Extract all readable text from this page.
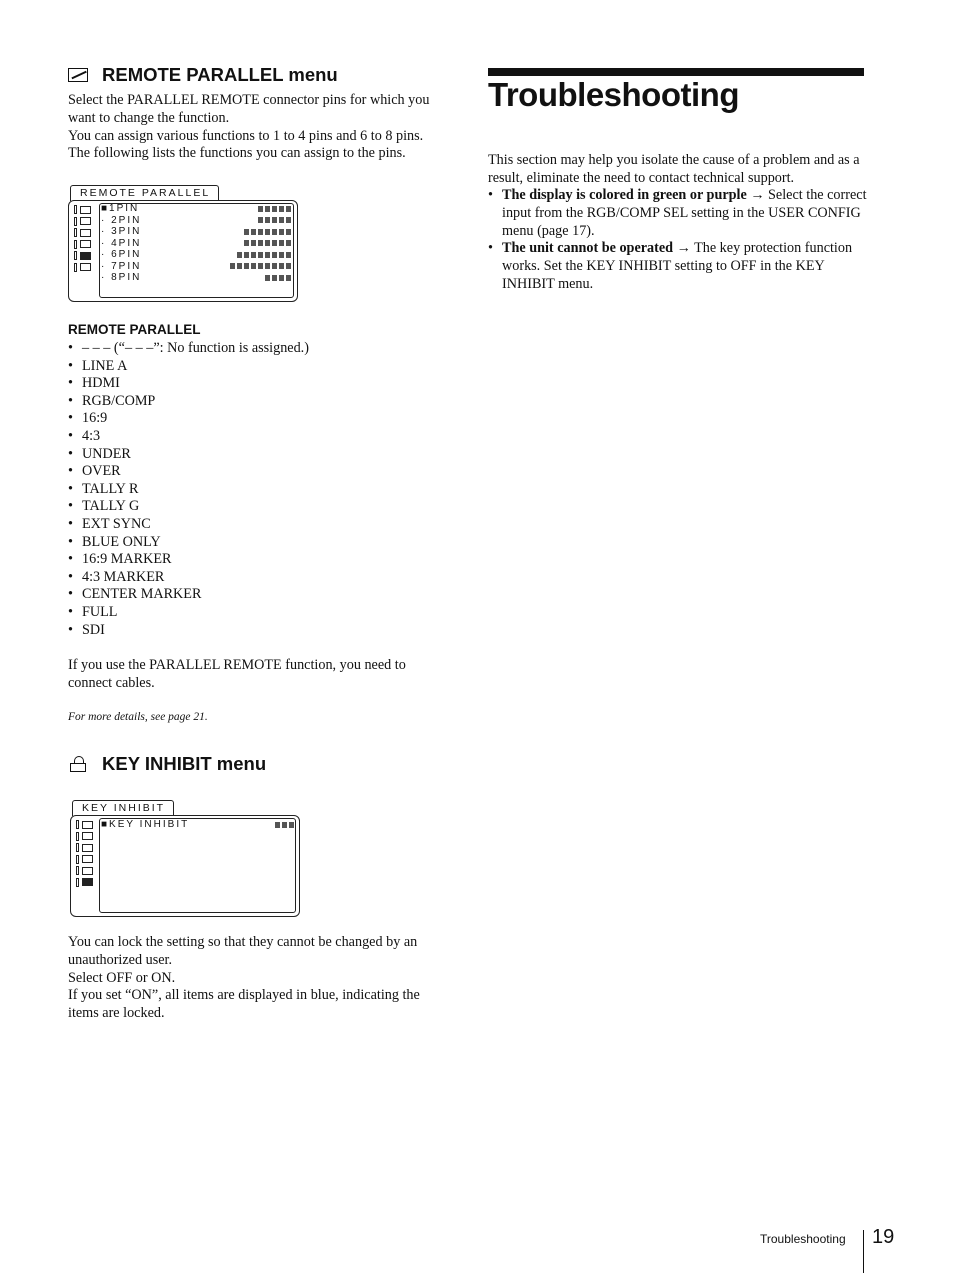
REMOTE PARALLEL menu
Select the PARALLEL REMOTE connector pins for which you want to change the function.
You can assign various functions to 1 to 4 pins and 6 to 8 pins. The following lists the functions you can assign to the pins.
REMOTE PARALLEL
■1PIN
· 2PIN
· 3PIN
· 4PIN
· 6PIN
· 7PIN
· 8PIN
REMOTE PARALLEL
• – – – (“– – –”: No function is assigned.)
• LINE A
• HDMI
• RGB/COMP
• 16:9
• 4:3
• UNDER
• OVER
• TALLY R
• TALLY G
• EXT SYNC
• BLUE ONLY
• 16:9 MARKER
• 4:3 MARKER
• CENTER MARKER
• FULL
• SDI
If you use the PARALLEL REMOTE function, you need to connect cables.
For more details, see page 21.
KEY INHIBIT menu
KEY INHIBIT
■KEY INHIBIT
You can lock the setting so that they cannot be changed by an unauthorized user.
Select OFF or ON.
If you set “ON”, all items are displayed in blue, indicating the items are locked.
Troubleshooting
This section may help you isolate the cause of a problem and as a result, eliminate the need to contact technical support.
• The display is colored in green or purple → Select the correct input from the RGB/COMP SEL setting in the USER CONFIG menu (page 17).
• The unit cannot be operated → The key protection function works. Set the KEY INHIBIT setting to OFF in the KEY INHIBIT menu.
Troubleshooting 19
